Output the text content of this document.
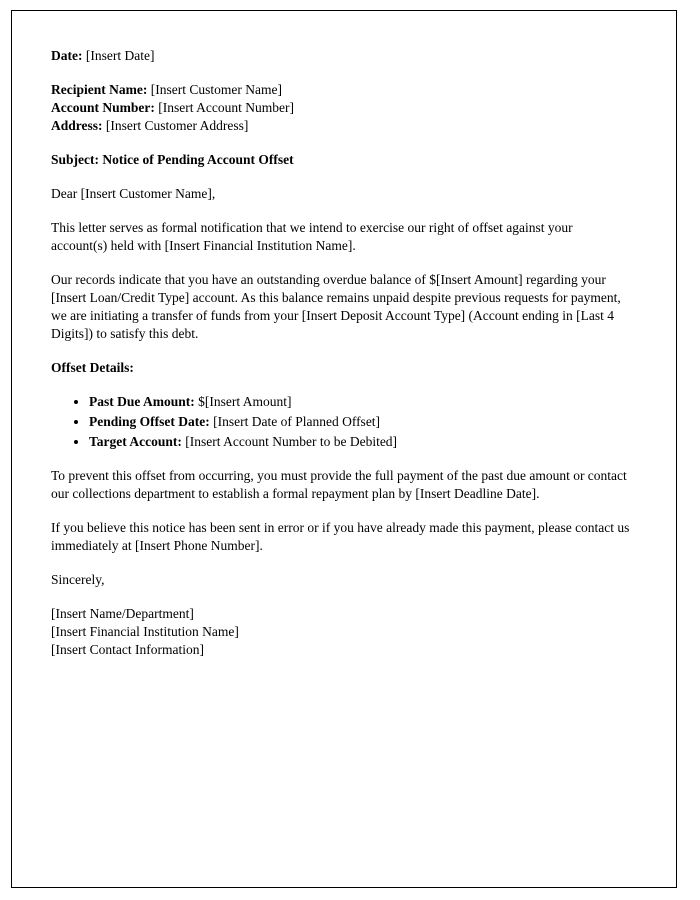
Date: [Insert Date]

Recipient Name: [Insert Customer Name]

Account Number: [Insert Account Number]

Address: [Insert Customer Address]

Subject: Notice of Pending Account Offset

Dear [Insert Customer Name],

This letter serves as formal notification that we intend to exercise our right of offset against your account(s) held with [Insert Financial Institution Name].

Our records indicate that you have an outstanding overdue balance of $[Insert Amount] regarding your [Insert Loan/Credit Type] account. As this balance remains unpaid despite previous requests for payment, we are initiating a transfer of funds from your [Insert Deposit Account Type] (Account ending in [Last 4 Digits]) to satisfy this debt.

Offset Details:

• Past Due Amount: $[Insert Amount]
• Pending Offset Date: [Insert Date of Planned Offset]
• Target Account: [Insert Account Number to be Debited]

To prevent this offset from occurring, you must provide the full payment of the past due amount or contact our collections department to establish a formal repayment plan by [Insert Deadline Date].

If you believe this notice has been sent in error or if you have already made this payment, please contact us immediately at [Insert Phone Number].

Sincerely,

[Insert Name/Department]

[Insert Financial Institution Name]

[Insert Contact Information]
